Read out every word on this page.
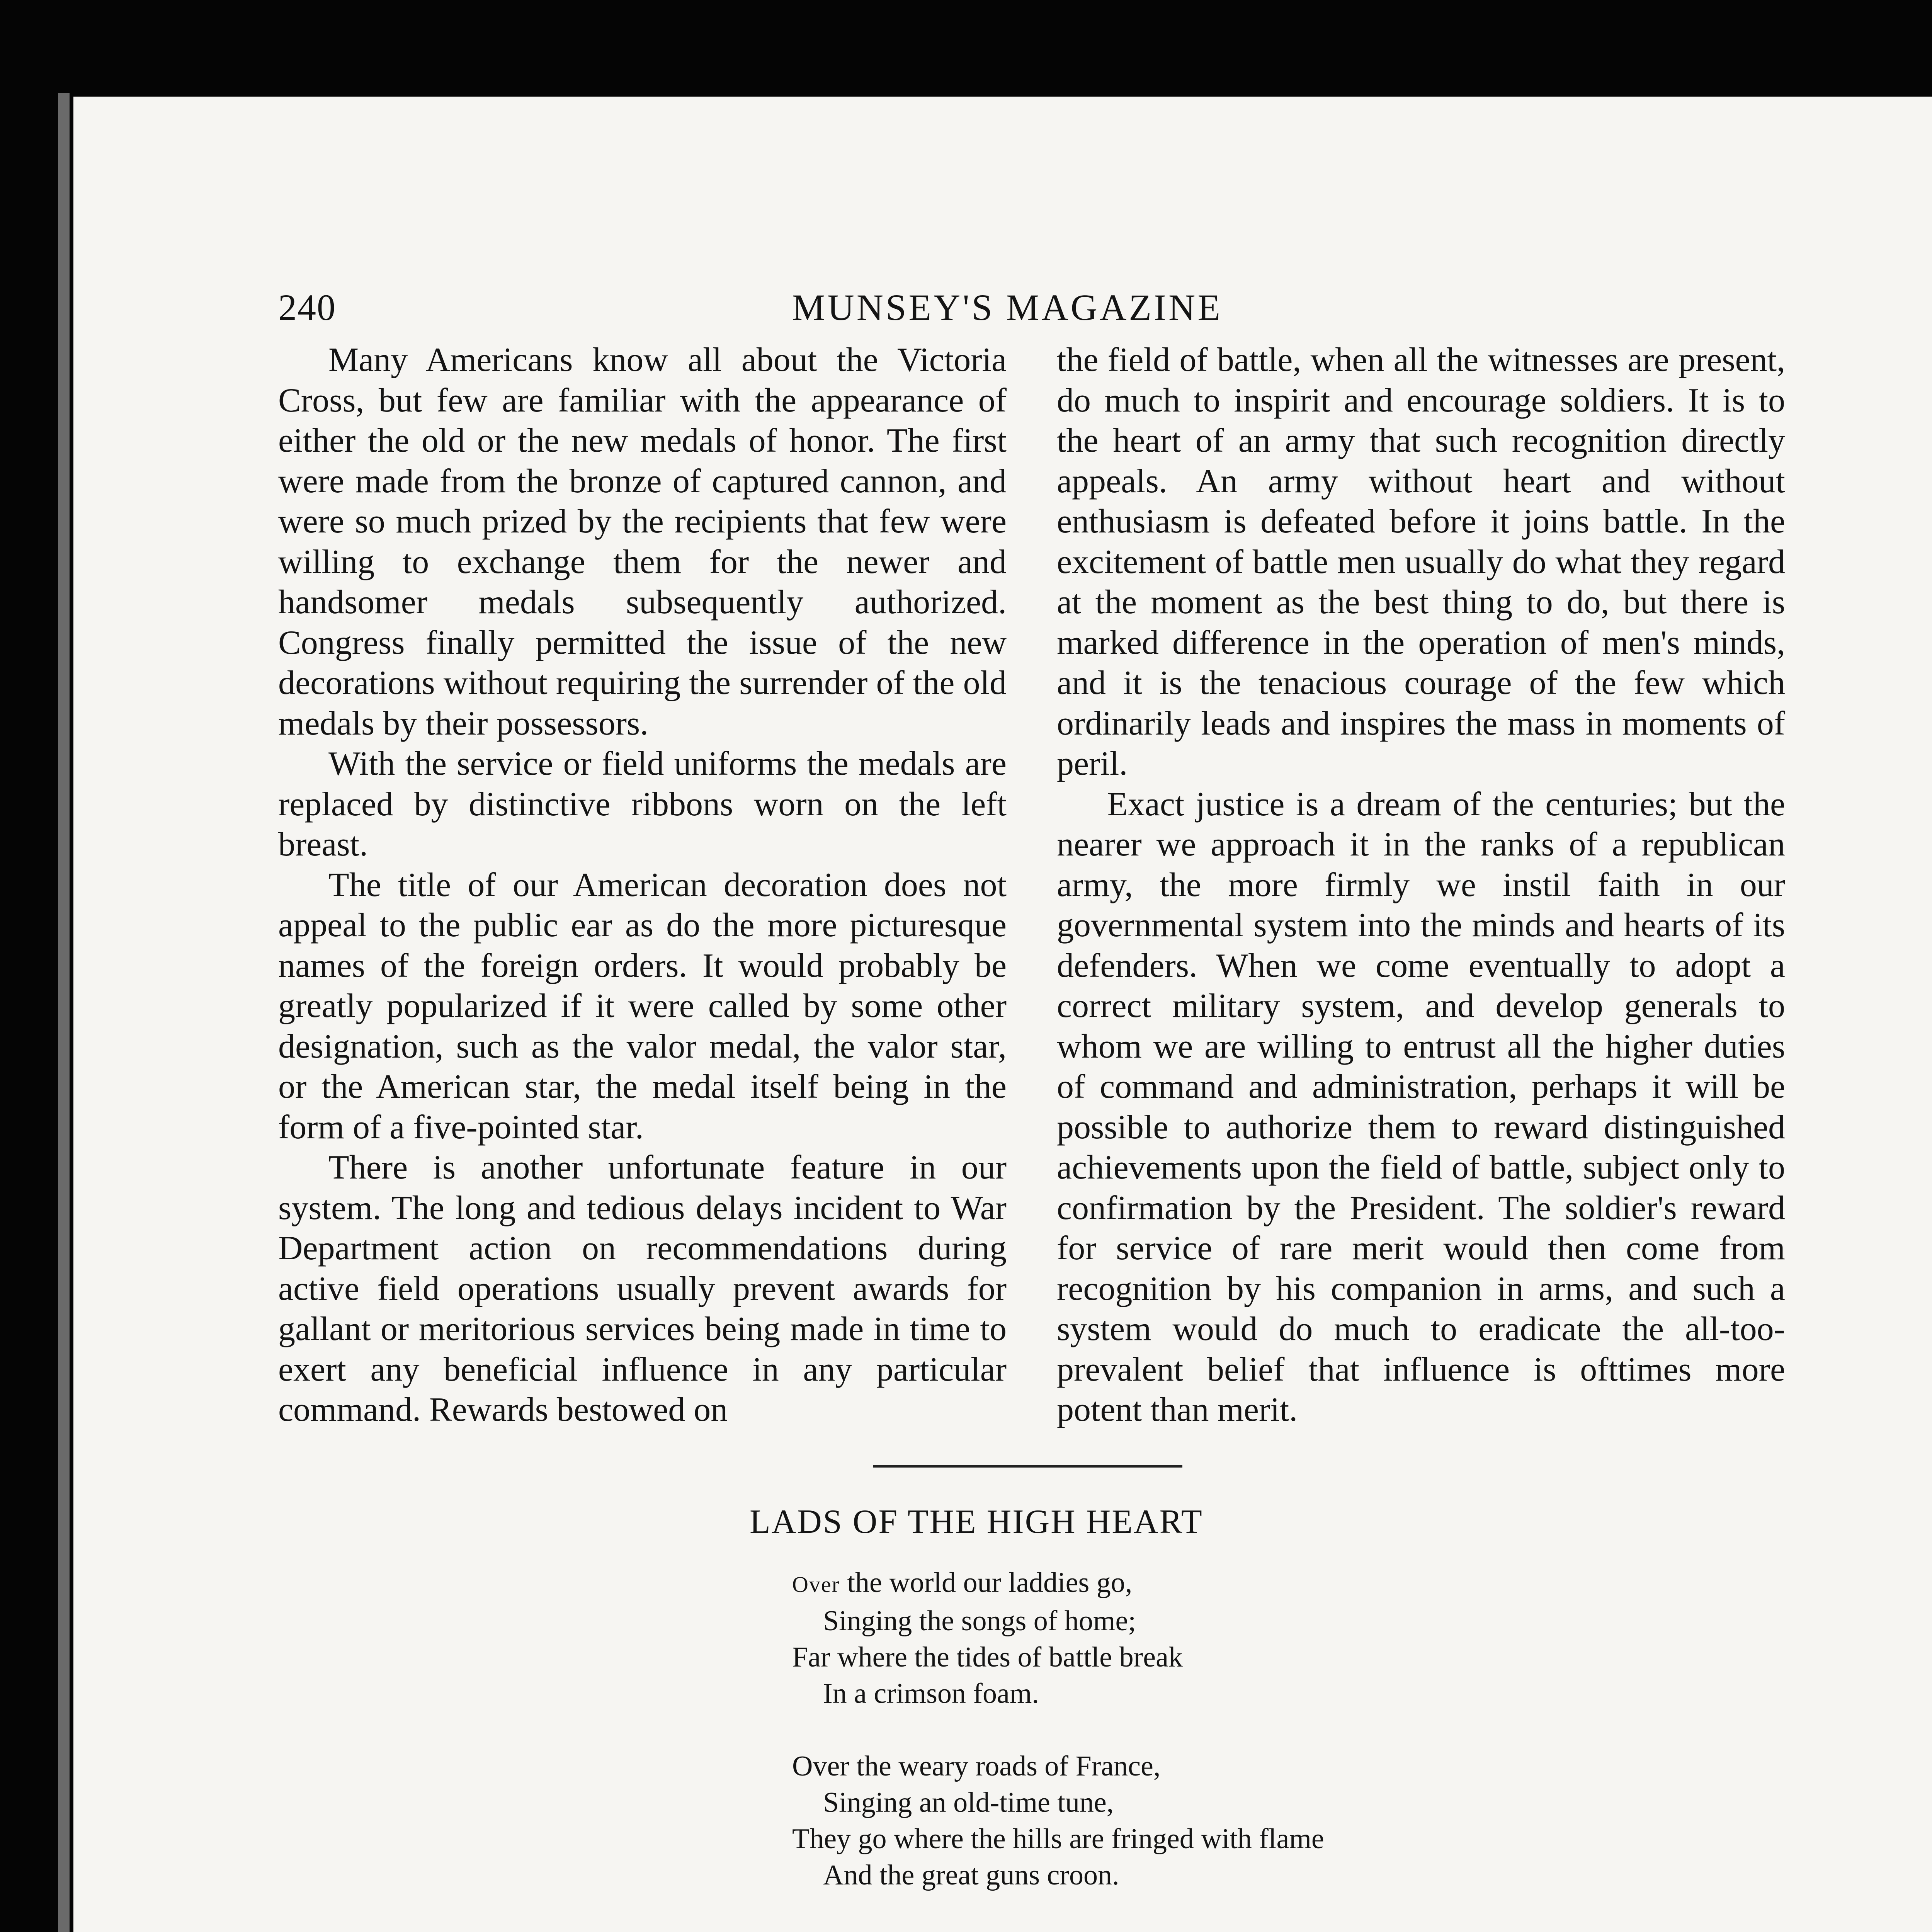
240	MUNSEY'S MAGAZINE

Many Americans know all about the Victoria Cross, but few are familiar with the appearance of either the old or the new medals of honor. The first were made from the bronze of captured cannon, and were so much prized by the recipients that few were willing to exchange them for the newer and handsomer medals subsequently authorized. Congress finally permitted the issue of the new decorations without requiring the surrender of the old medals by their possessors.

With the service or field uniforms the medals are replaced by distinctive ribbons worn on the left breast.

The title of our American decoration does not appeal to the public ear as do the more picturesque names of the foreign orders. It would probably be greatly popularized if it were called by some other designation, such as the valor medal, the valor star, or the American star, the medal itself being in the form of a five-pointed star.

There is another unfortunate feature in our system. The long and tedious delays incident to War Department action on recommendations during active field operations usually prevent awards for gallant or meritorious services being made in time to exert any beneficial influence in any particular command. Rewards bestowed on

the field of battle, when all the witnesses are present, do much to inspirit and encourage soldiers. It is to the heart of an army that such recognition directly appeals. An army without heart and without enthusiasm is defeated before it joins battle. In the excitement of battle men usually do what they regard at the moment as the best thing to do, but there is marked difference in the operation of men's minds, and it is the tenacious courage of the few which ordinarily leads and inspires the mass in moments of peril.

Exact justice is a dream of the centuries; but the nearer we approach it in the ranks of a republican army, the more firmly we instil faith in our governmental system into the minds and hearts of its defenders. When we come eventually to adopt a correct military system, and develop generals to whom we are willing to entrust all the higher duties of command and administration, perhaps it will be possible to authorize them to reward distinguished achievements upon the field of battle, subject only to confirmation by the President. The soldier's reward for service of rare merit would then come from recognition by his companion in arms, and such a system would do much to eradicate the all-too-prevalent belief that influence is ofttimes more potent than merit.

LADS OF THE HIGH HEART
Over the world our laddies go,
Singing the songs of home;
Far where the tides of battle break
In a crimson foam.
Over the weary roads of France,
Singing an old-time tune,
They go where the hills are fringed with flame
And the great guns croon.
